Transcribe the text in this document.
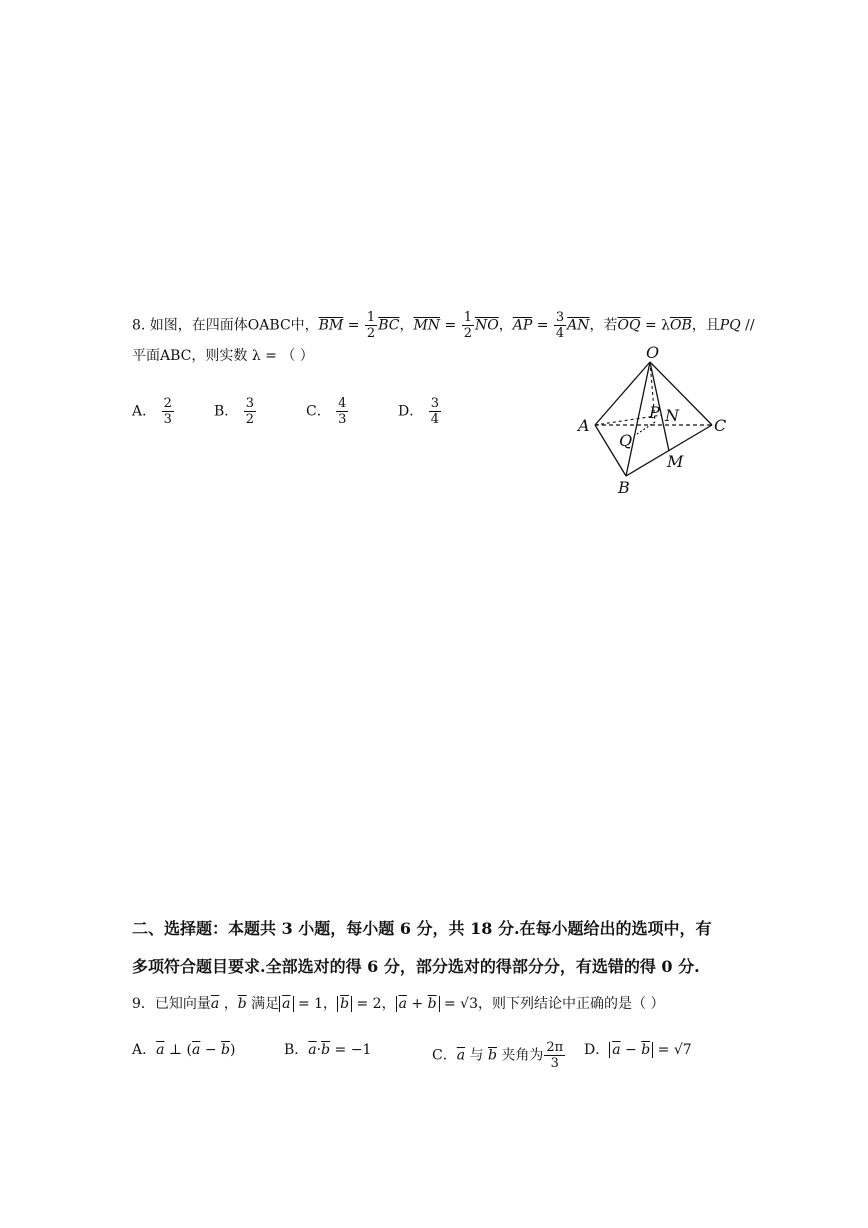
8. 如图，在四面体OABC中，$\overline{BM} = \frac{1}{2} \overline{BC}$，$\overline{MN} = \frac{1}{2} \overline{NO}$，$\overline{AP} = \frac{3}{4} \overline{AN}$，若$\overline{OQ} = \lambda\overline{OB}$，且PQ //
平面ABC，则实数 λ = （ ）
A． $\frac{2}{3}$	B． $\frac{3}{2}$	C． $\frac{4}{3}$	D． $\frac{3}{4}$
O
A	C
B
P N
Q
M
二、选择题：本题共 3 小题，每小题 6 分，共 18 分.在每小题给出的选项中，有
多项符合题目要求.全部选对的得 6 分，部分选对的得部分分，有选错的得 0 分.
9．已知向量$\overline{a}$ ，$\overline{b}$ 满足 $\overline{a} = 1$， $\overline{b} = 2$， $\overline{a} + \overline{b} = √3$，则下列结论中正确的是（ ）
A．$\overline{a}$ ⊥ $(\overline{a} - \overline{b})$	B．$\overline{a}\cdot\overline{b} = -1$	C．$\overline{a}$ 与 $\overline{b}$ 夹角为 $\frac{2\pi}{3}$ D． $\overline{a} - \overline{b} = √7$
